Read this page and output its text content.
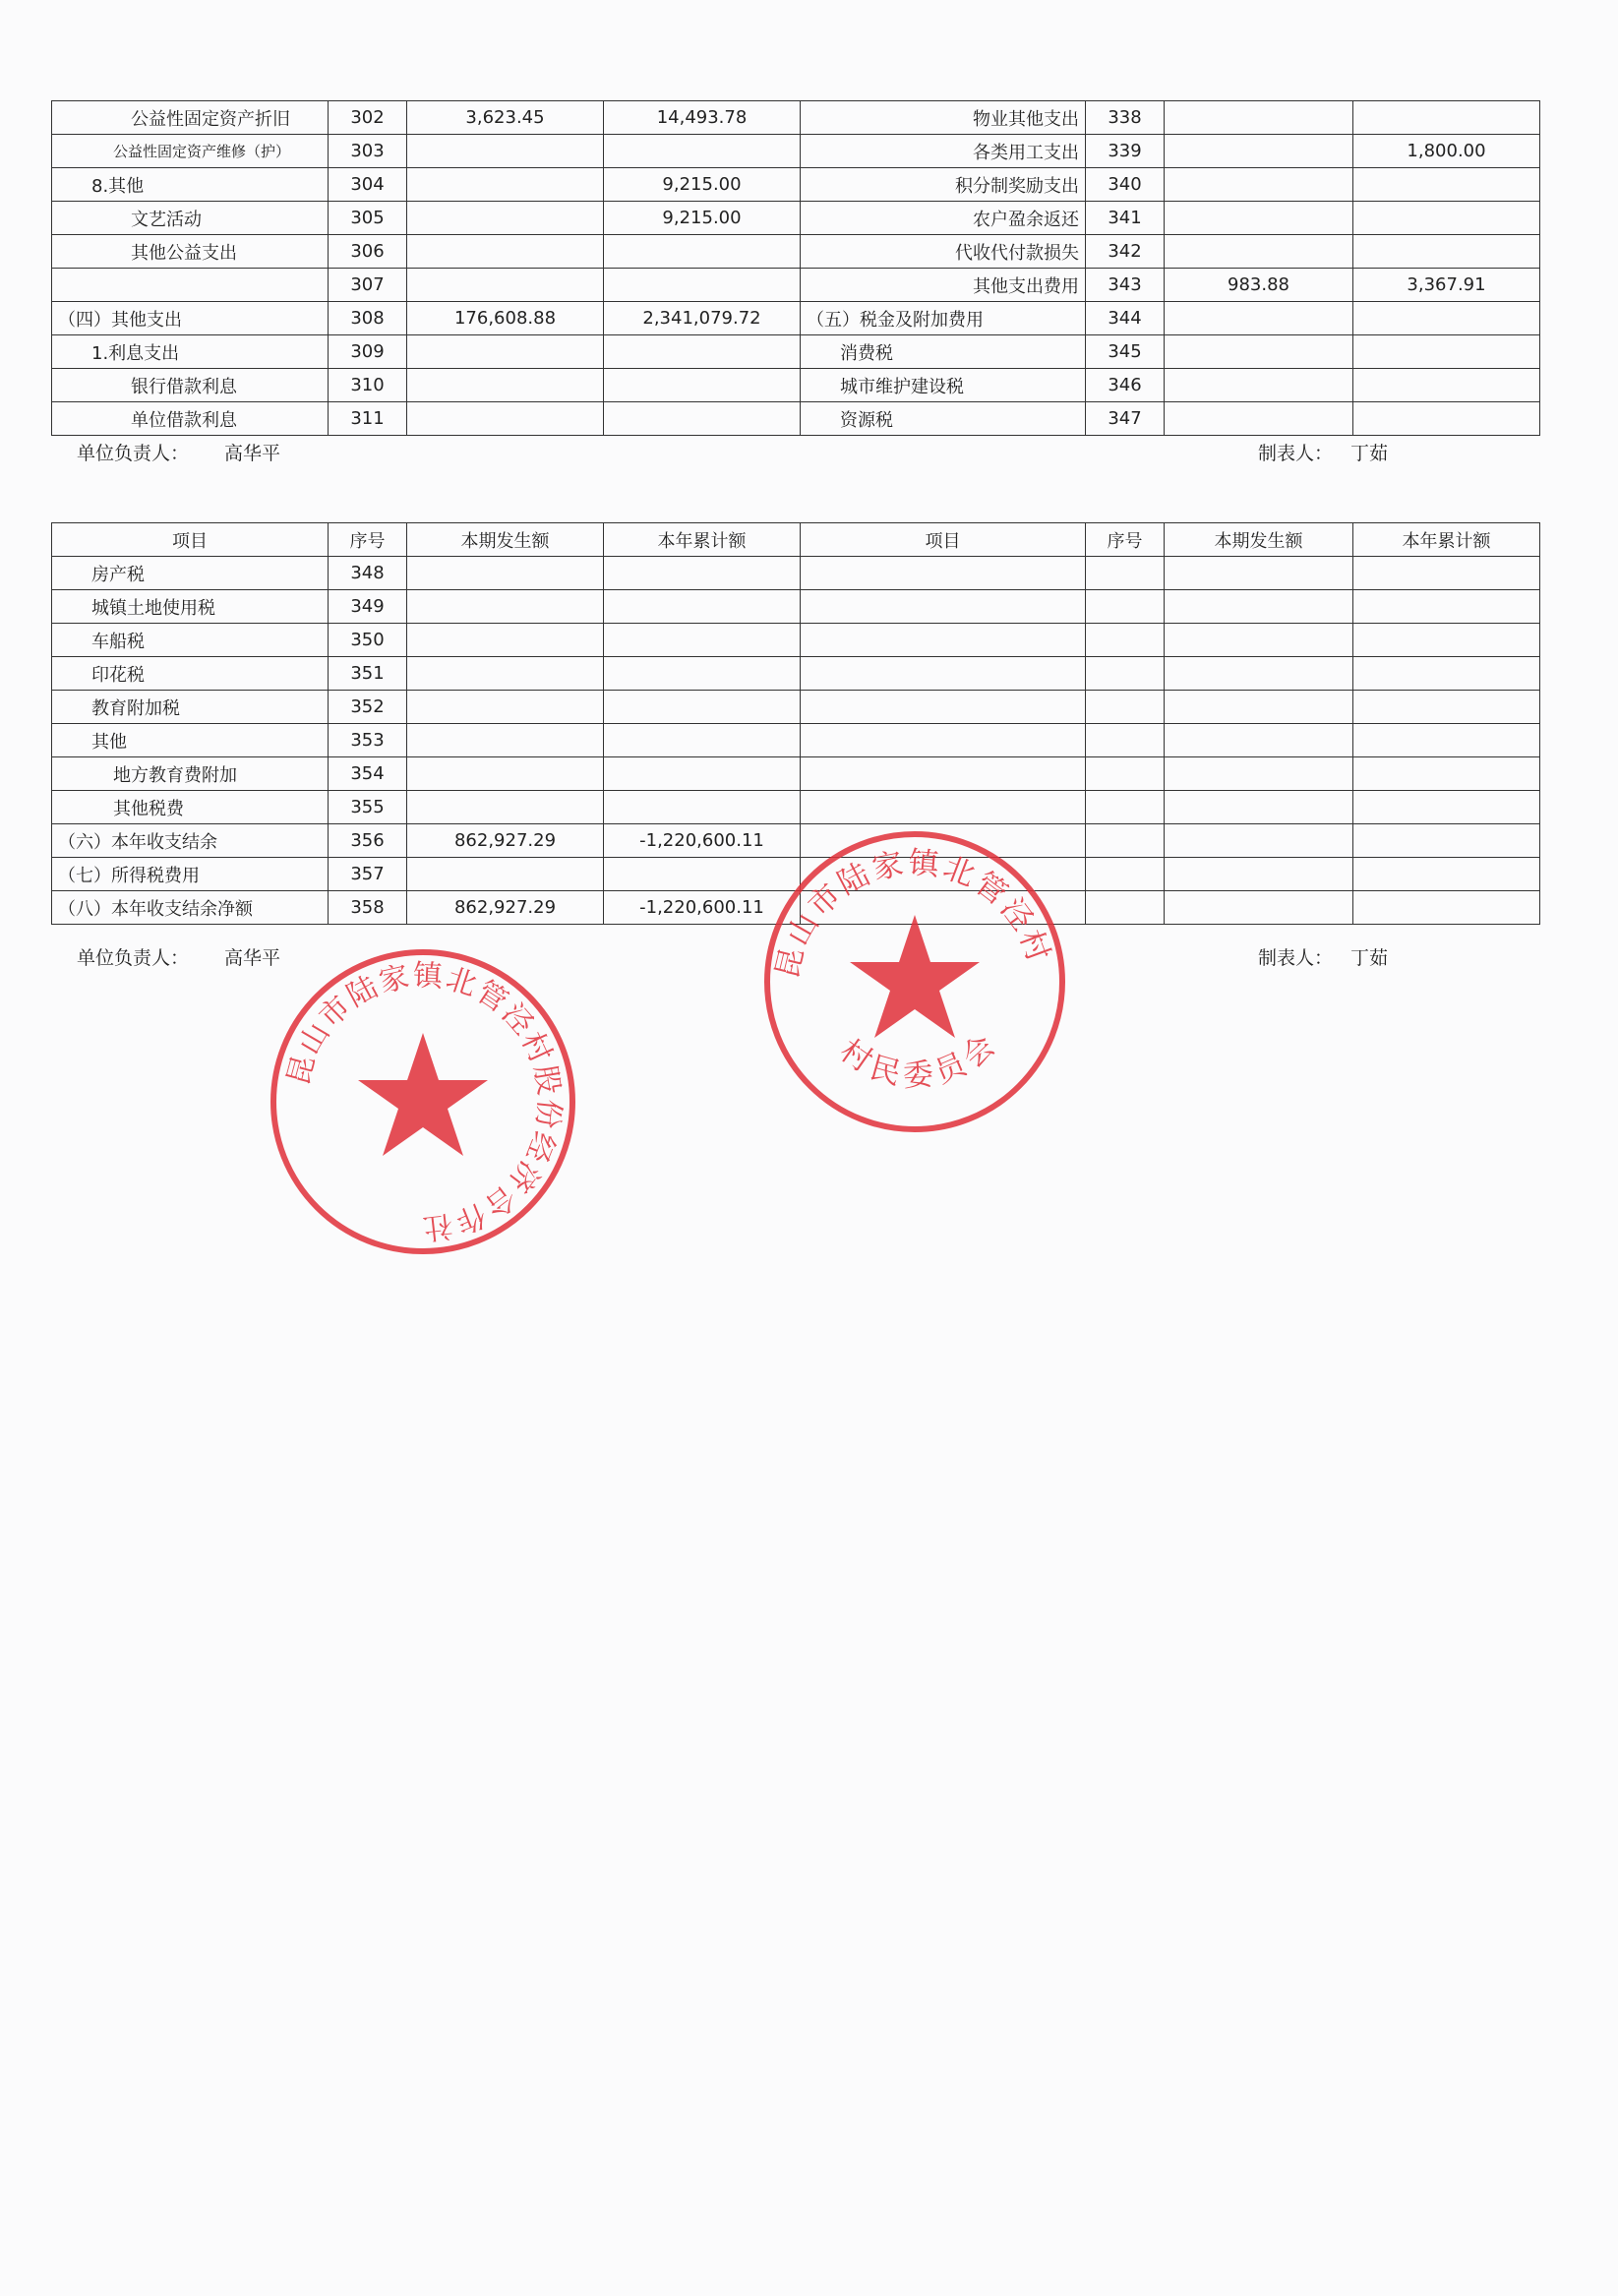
公益性固定资产折旧	302	3,623.45	14,493.78	物业其他支出	338		
公益性固定资产维修（护）	303			各类用工支出	339		1,800.00
8.其他	304		9,215.00	积分制奖励支出	340		
文艺活动	305		9,215.00	农户盈余返还	341		
其他公益支出	306			代收代付款损失	342		
	307			其他支出费用	343	983.88	3,367.91
（四）其他支出	308	176,608.88	2,341,079.72	（五）税金及附加费用	344		
1.利息支出	309			消费税	345		
银行借款利息	310			城市维护建设税	346		
单位借款利息	311			资源税	347		
单位负责人： 高华平	制表人： 丁茹
项目	序号	本期发生额	本年累计额	项目	序号	本期发生额	本年累计额
房产税	348						
城镇土地使用税	349						
车船税	350						
印花税	351						
教育附加税	352						
其他	353						
地方教育费附加	354						
其他税费	355						
（六）本年收支结余	356	862,927.29	-1,220,600.11				
（七）所得税费用	357						
（八）本年收支结余净额	358	862,927.29	-1,220,600.11				
单位负责人： 高华平	制表人： 丁茹
昆山市陆家镇北管泾村股份经济合作社
昆山市陆家镇北管泾村
村民委员会
